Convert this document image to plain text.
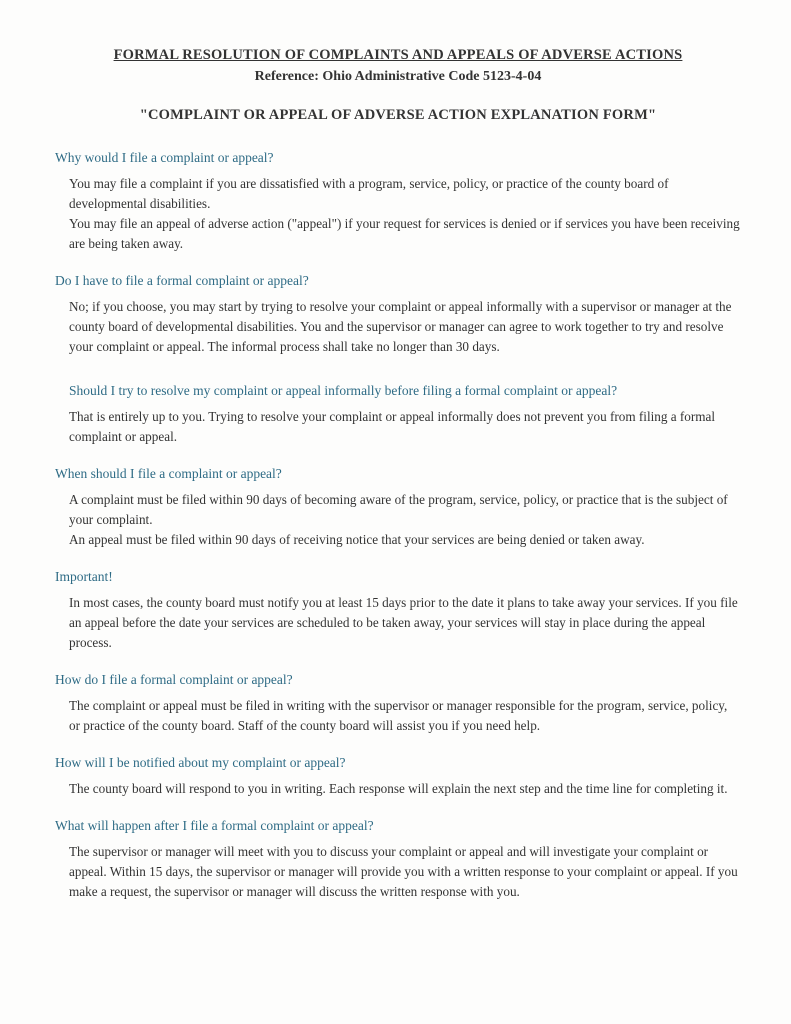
FORMAL RESOLUTION OF COMPLAINTS AND APPEALS OF ADVERSE ACTIONS
Reference: Ohio Administrative Code 5123-4-04
"COMPLAINT OR APPEAL OF ADVERSE ACTION EXPLANATION FORM"
Why would I file a complaint or appeal?

You may file a complaint if you are dissatisfied with a program, service, policy, or practice of the county board of developmental disabilities.

You may file an appeal of adverse action ("appeal") if your request for services is denied or if services you have been receiving are being taken away.

Do I have to file a formal complaint or appeal?

No; if you choose, you may start by trying to resolve your complaint or appeal informally with a supervisor or manager at the county board of developmental disabilities. You and the supervisor or manager can agree to work together to try and resolve your complaint or appeal. The informal process shall take no longer than 30 days.

Should I try to resolve my complaint or appeal informally before filing a formal complaint or appeal?

That is entirely up to you. Trying to resolve your complaint or appeal informally does not prevent you from filing a formal complaint or appeal.

When should I file a complaint or appeal?

A complaint must be filed within 90 days of becoming aware of the program, service, policy, or practice that is the subject of your complaint.

An appeal must be filed within 90 days of receiving notice that your services are being denied or taken away.

Important!

In most cases, the county board must notify you at least 15 days prior to the date it plans to take away your services. If you file an appeal before the date your services are scheduled to be taken away, your services will stay in place during the appeal process.

How do I file a formal complaint or appeal?

The complaint or appeal must be filed in writing with the supervisor or manager responsible for the program, service, policy, or practice of the county board. Staff of the county board will assist you if you need help.

How will I be notified about my complaint or appeal?

The county board will respond to you in writing. Each response will explain the next step and the time line for completing it.

What will happen after I file a formal complaint or appeal?

The supervisor or manager will meet with you to discuss your complaint or appeal and will investigate your complaint or appeal. Within 15 days, the supervisor or manager will provide you with a written response to your complaint or appeal. If you make a request, the supervisor or manager will discuss the written response with you.
